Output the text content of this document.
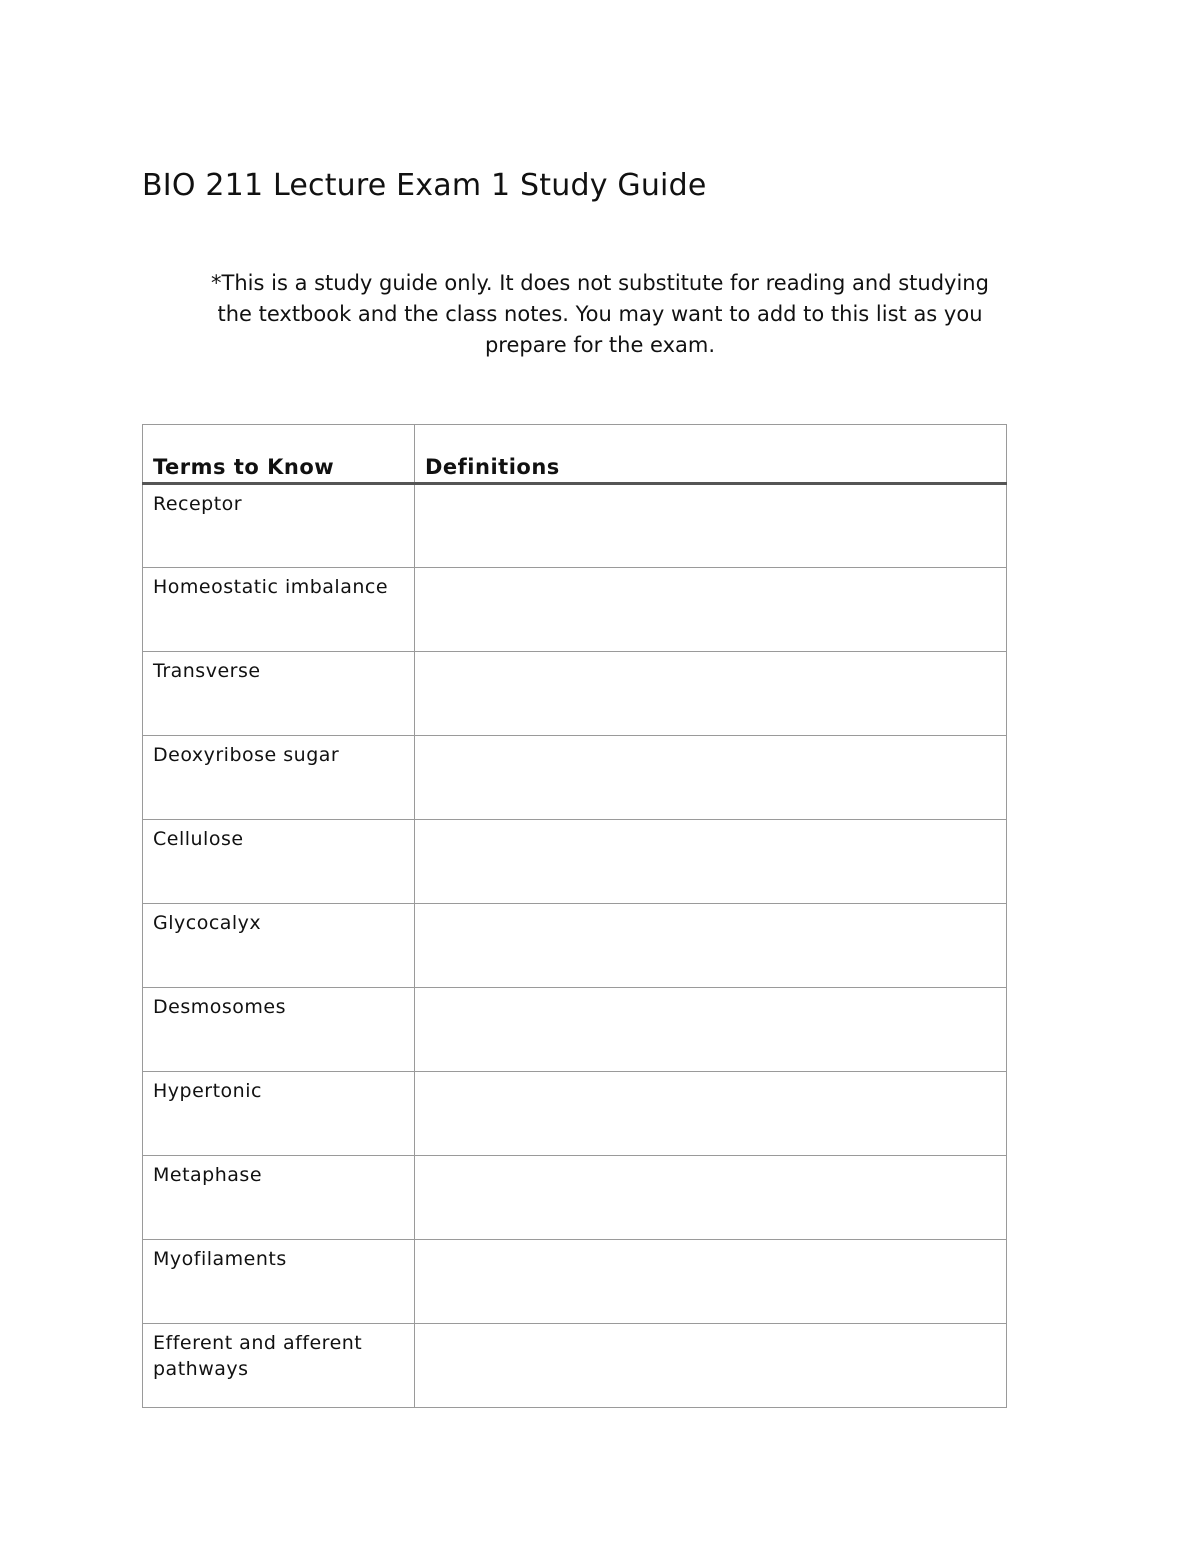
BIO 211 Lecture Exam 1 Study Guide

*This is a study guide only. It does not substitute for reading and studying
the textbook and the class notes. You may want to add to this list as you
prepare for the exam.

Terms to Know	Definitions
Receptor	
Homeostatic imbalance	
Transverse	
Deoxyribose sugar	
Cellulose	
Glycocalyx	
Desmosomes	
Hypertonic	
Metaphase	
Myofilaments	
Efferent and afferent pathways	
